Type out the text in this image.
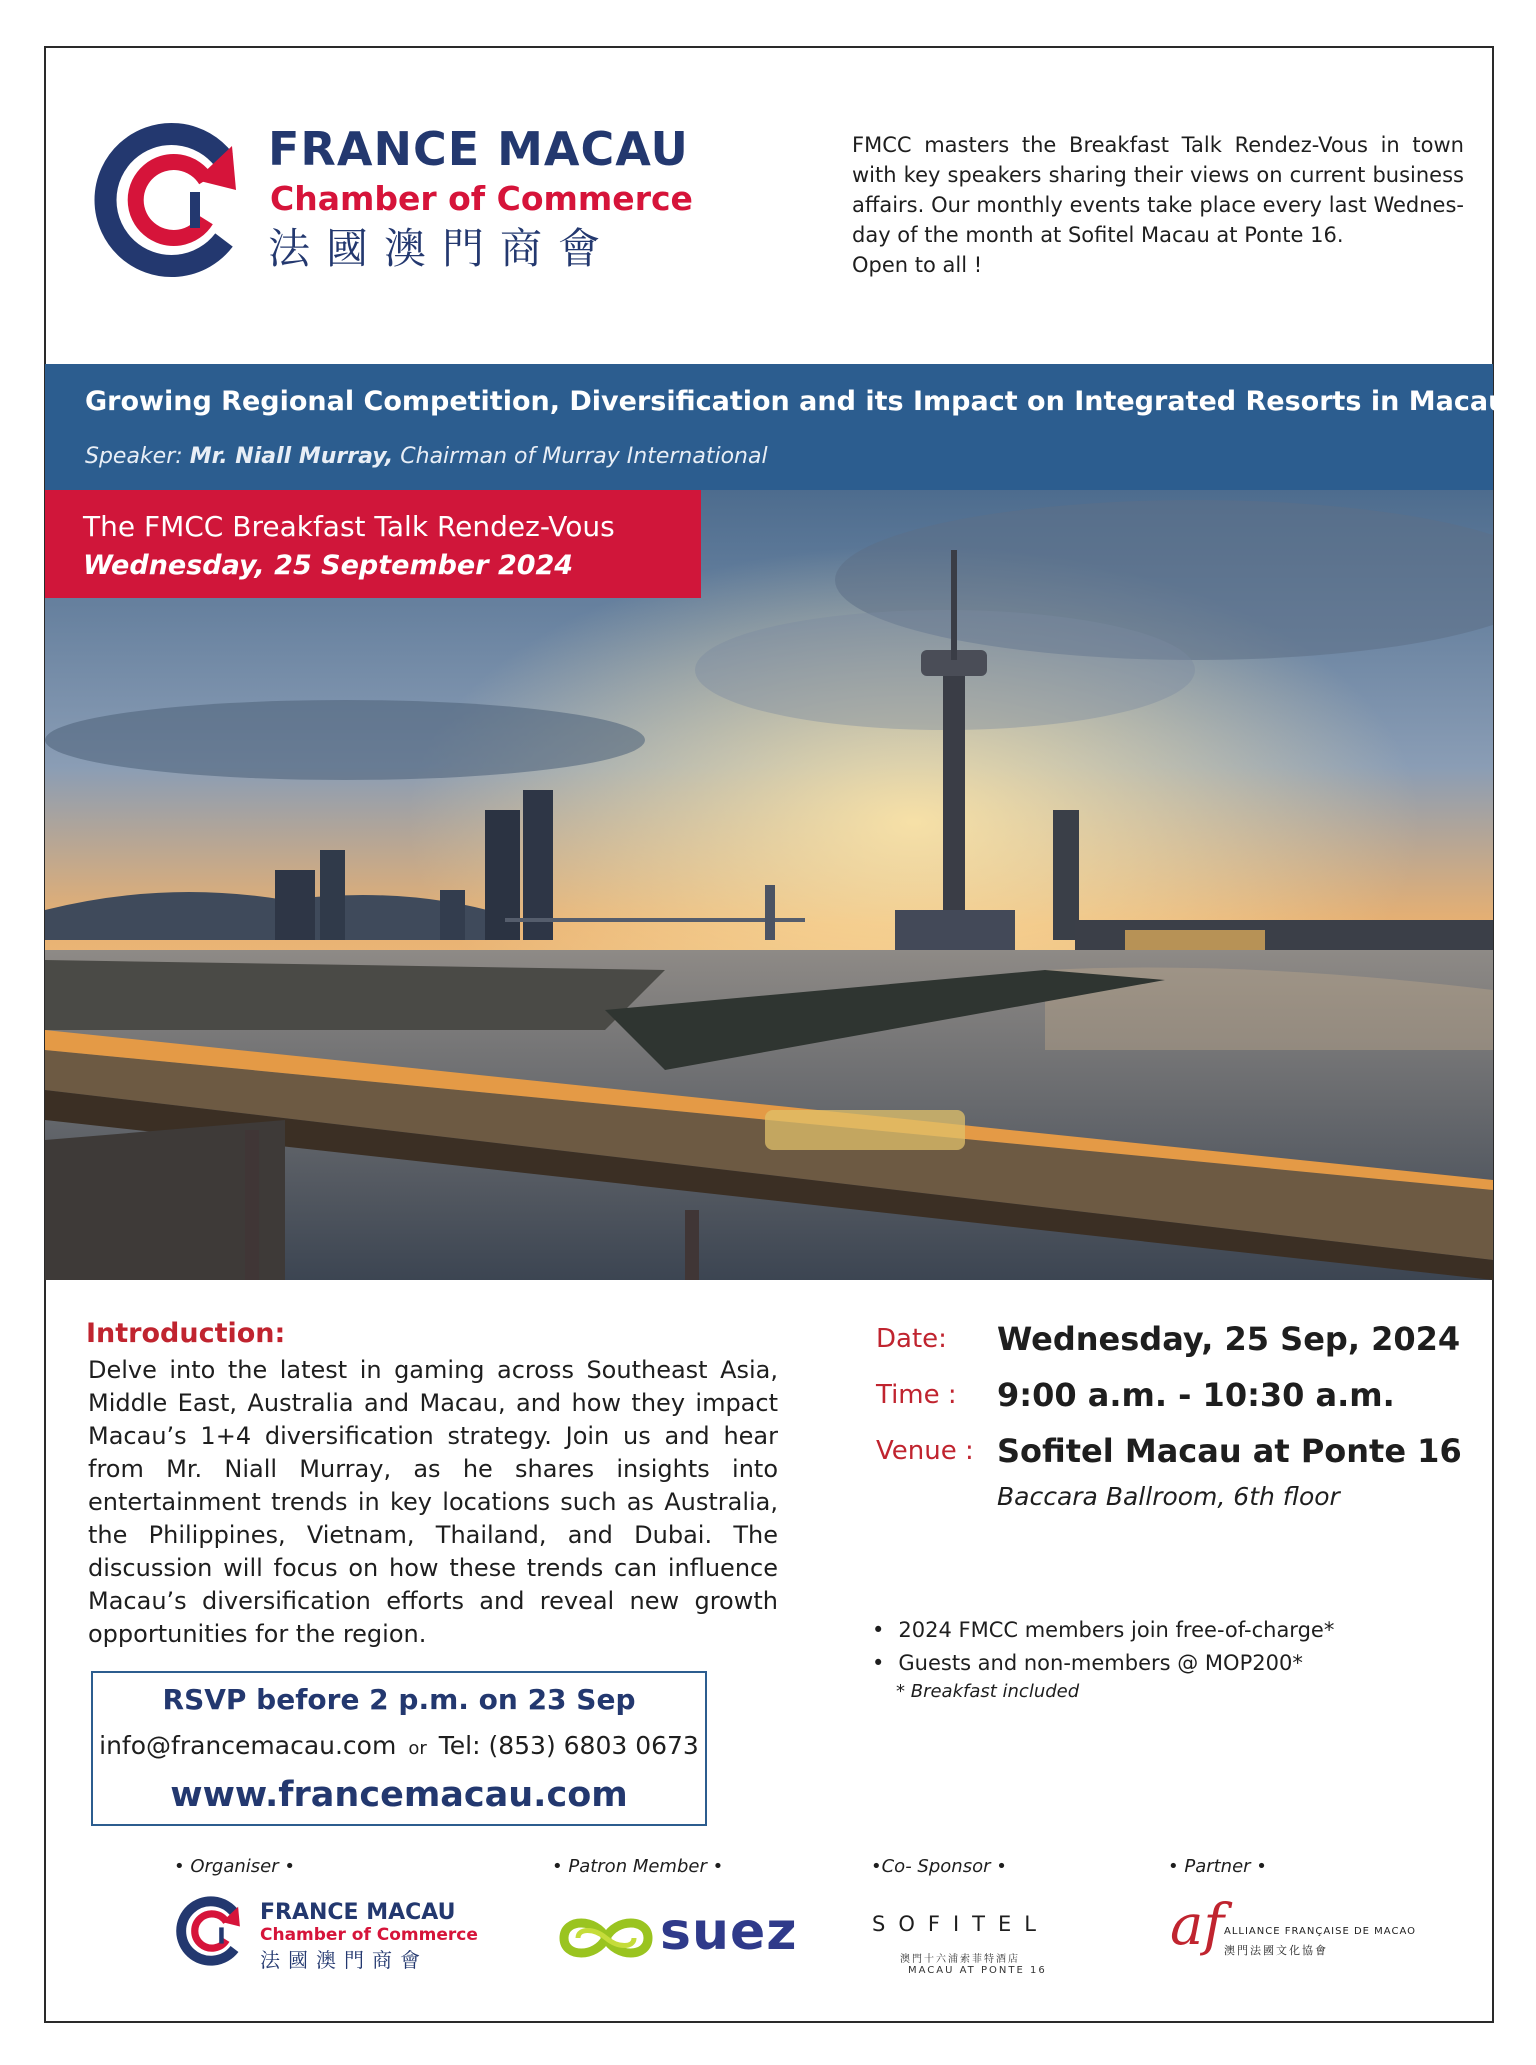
FRANCE MACAU
Chamber of Commerce
法國澳門商會
FMCC masters the Breakfast Talk Rendez-Vous in town with key speakers sharing their views on current business affairs. Our monthly events take place every last Wednes-day of the month at Sofitel Macau at Ponte 16.
Open to all !
Growing Regional Competition, Diversification and its Impact on Integrated Resorts in Macau
Speaker: Mr. Niall Murray, Chairman of Murray International
The FMCC Breakfast Talk Rendez-Vous
Wednesday, 25 September 2024
Introduction:
Delve into the latest in gaming across Southeast Asia, Middle East, Australia and Macau, and how they impact Macau’s 1+4 diversification strategy. Join us and hear from Mr. Niall Murray, as he shares insights into entertainment trends in key locations such as Australia, the Philippines, Vietnam, Thailand, and Dubai. The discussion will focus on how these trends can influence Macau’s diversification efforts and reveal new growth opportunities for the region.
Date: Wednesday, 25 Sep, 2024
Time : 9:00 a.m. - 10:30 a.m.
Venue : Sofitel Macau at Ponte 16
Baccara Ballroom, 6th floor
• 2024 FMCC members join free-of-charge*
• Guests and non-members @ MOP200*
* Breakfast included
RSVP before 2 p.m. on 23 Sep
info@francemacau.com or Tel: (853) 6803 0673
www.francemacau.com
• Organiser •	• Patron Member •	•Co- Sponsor •	• Partner •
FRANCE MACAU
Chamber of Commerce
法國澳門商會	suez	SOFITEL
澳門十六浦索菲特酒店
MACAU AT PONTE 16
af ALLIANCE FRANÇAISE DE MACAO
澳門法國文化協會
